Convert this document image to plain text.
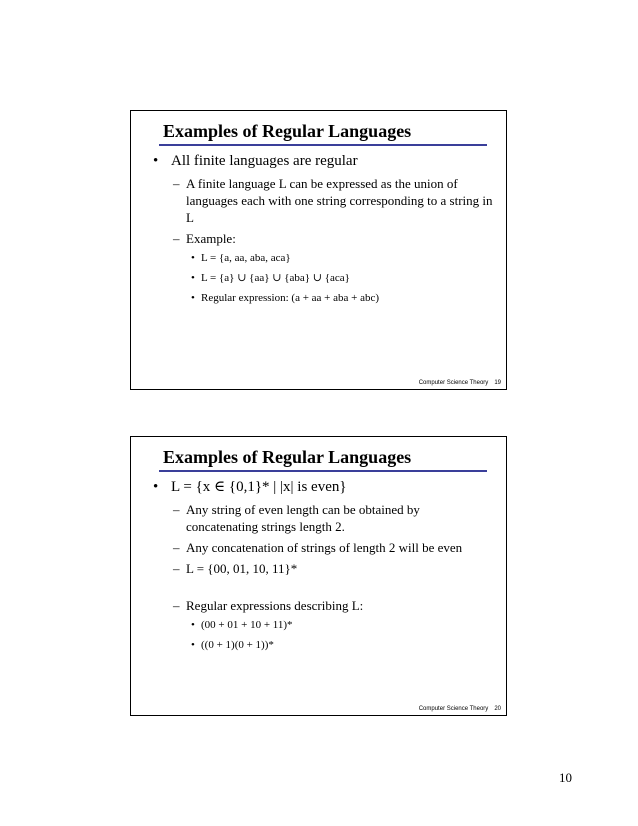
Examples of Regular Languages
• All finite languages are regular
– A finite language L can be expressed as the union of languages each with one string corresponding to a string in L
– Example:
• L = {a, aa, aba, aca}
• L = {a} ∪ {aa} ∪ {aba} ∪ {aca}
• Regular expression: (a + aa + aba + abc)
Computer Science Theory 19
Examples of Regular Languages
• L = {x ∈ {0,1}* | |x| is even}
– Any string of even length can be obtained by concatenating strings length 2.
– Any concatenation of strings of length 2 will be even
– L = {00, 01, 10, 11}*
– Regular expressions describing L:
• (00 + 01 + 10 + 11)*
• ((0 + 1)(0 + 1))*
Computer Science Theory 20
10
